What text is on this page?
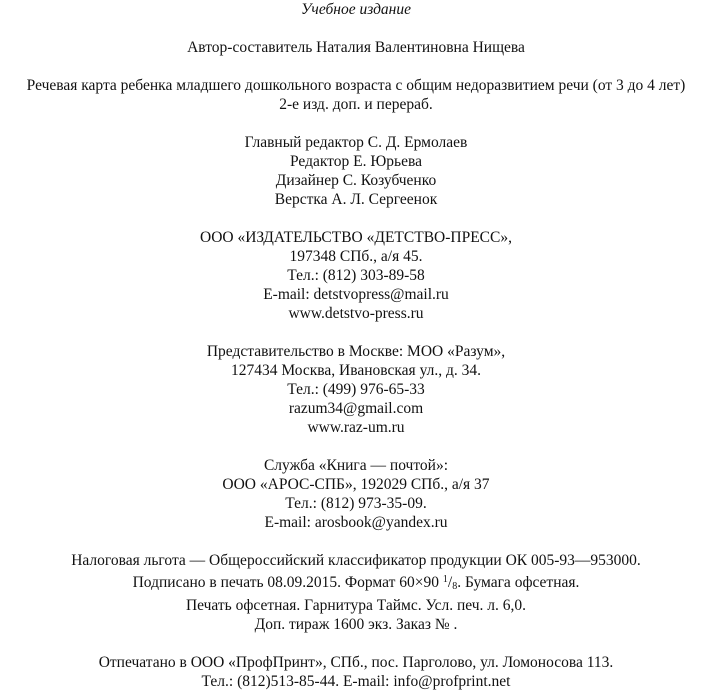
Учебное издание
Автор-составитель Наталия Валентиновна Нищева
Речевая карта ребенка младшего дошкольного возраста с общим недоразвитием речи (от 3 до 4 лет)
2-е изд. доп. и перераб.
Главный редактор С. Д. Ермолаев
Редактор Е. Юрьева
Дизайнер С. Козубченко
Верстка А. Л. Сергеенок
ООО «ИЗДАТЕЛЬСТВО «ДЕТСТВО-ПРЕСС»,
197348 СПб., а/я 45.
Тел.: (812) 303-89-58
E-mail: detstvopress@mail.ru
www.detstvo-press.ru
Представительство в Москве: МОО «Разум»,
127434 Москва, Ивановская ул., д. 34.
Тел.: (499) 976-65-33
razum34@gmail.com
www.raz-um.ru
Служба «Книга — почтой»:
ООО «АРОС-СПБ», 192029 СПб., а/я 37
Тел.: (812) 973-35-09.
E-mail: arosbook@yandex.ru
Налоговая льгота — Общероссийский классификатор продукции ОК 005-93—953000.
Подписано в печать 08.09.2015. Формат 60×90 $^1$/8. Бумага офсетная.
Печать офсетная. Гарнитура Таймс. Усл. печ. л. 6,0.
Доп. тираж 1600 экз. Заказ № .
Отпечатано в ООО «ПрофПринт», СПб., пос. Парголово, ул. Ломоносова 113.
Тел.: (812)513-85-44. E-mail: info@profprint.net
